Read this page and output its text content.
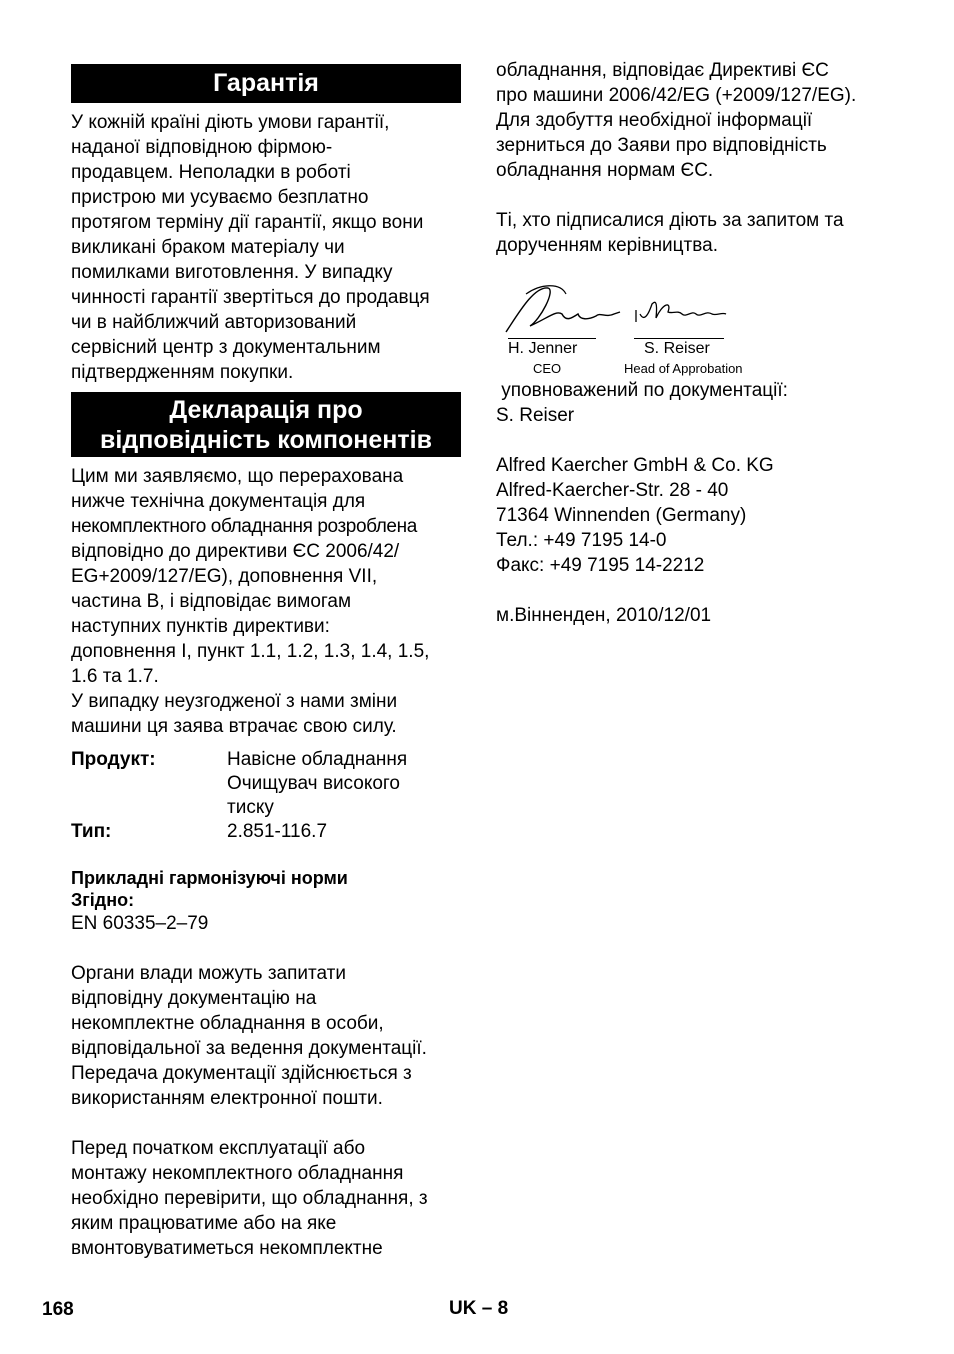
Гарантія

У кожній країні діють умови гарантії,

наданої відповідною фірмою-

продавцем. Неполадки в роботі

пристрою ми усуваємо безплатно

протягом терміну дії гарантії, якщо вони

викликані браком матеріалу чи

помилками виготовлення. У випадку

чинності гарантії звертіться до продавця

чи в найближчий авторизований

сервісний центр з документальним

підтвердженням покупки.

Декларація про
відповідність компонентів

Цим ми заявляємо, що перерахована

нижче технічна документація для

некомплектного обладнання розроблена

відповідно до директиви ЄС 2006/42/

EG+2009/127/EG), доповнення VII,

частина B, і відповідає вимогам

наступних пунктів директиви:

доповнення I, пункт 1.1, 1.2, 1.3, 1.4, 1.5,

1.6 та 1.7.

У випадку неузгодженої з нами зміни

машини ця заява втрачає свою силу.

Продукт:	Навісне обладнання
Очищувач високого
тиску
Тип:	2.851-116.7
Прикладні гармонізуючі норми
Згідно:

EN 60335–2–79

Органи влади можуть запитати

відповідну документацію на

некомплектне обладнання в особи,

відповідальної за ведення документації.

Передача документації здійснюється з

використанням електронної пошти.

Перед початком експлуатації або

монтажу некомплектного обладнання

необхідно перевірити, що обладнання, з

яким працюватиме або на яке

вмонтовуватиметься некомплектне

обладнання, відповідає Директиві ЄС

про машини 2006/42/EG (+2009/127/EG).

Для здобуття необхідної інформації

зерниться до Заяви про відповідність

обладнання нормам ЄС.

Ті, хто підписалися діють за запитом та

дорученням керівництва.

H. Jenner	S. Reiser
CEO	Head of Approbation

уповноважений по документації:

S. Reiser

Alfred Kaercher GmbH & Co. KG

Alfred-Kaercher-Str. 28 - 40

71364 Winnenden (Germany)

Тел.: +49 7195 14-0

Факс: +49 7195 14-2212

м.Вінненден, 2010/12/01

168	UK – 8
